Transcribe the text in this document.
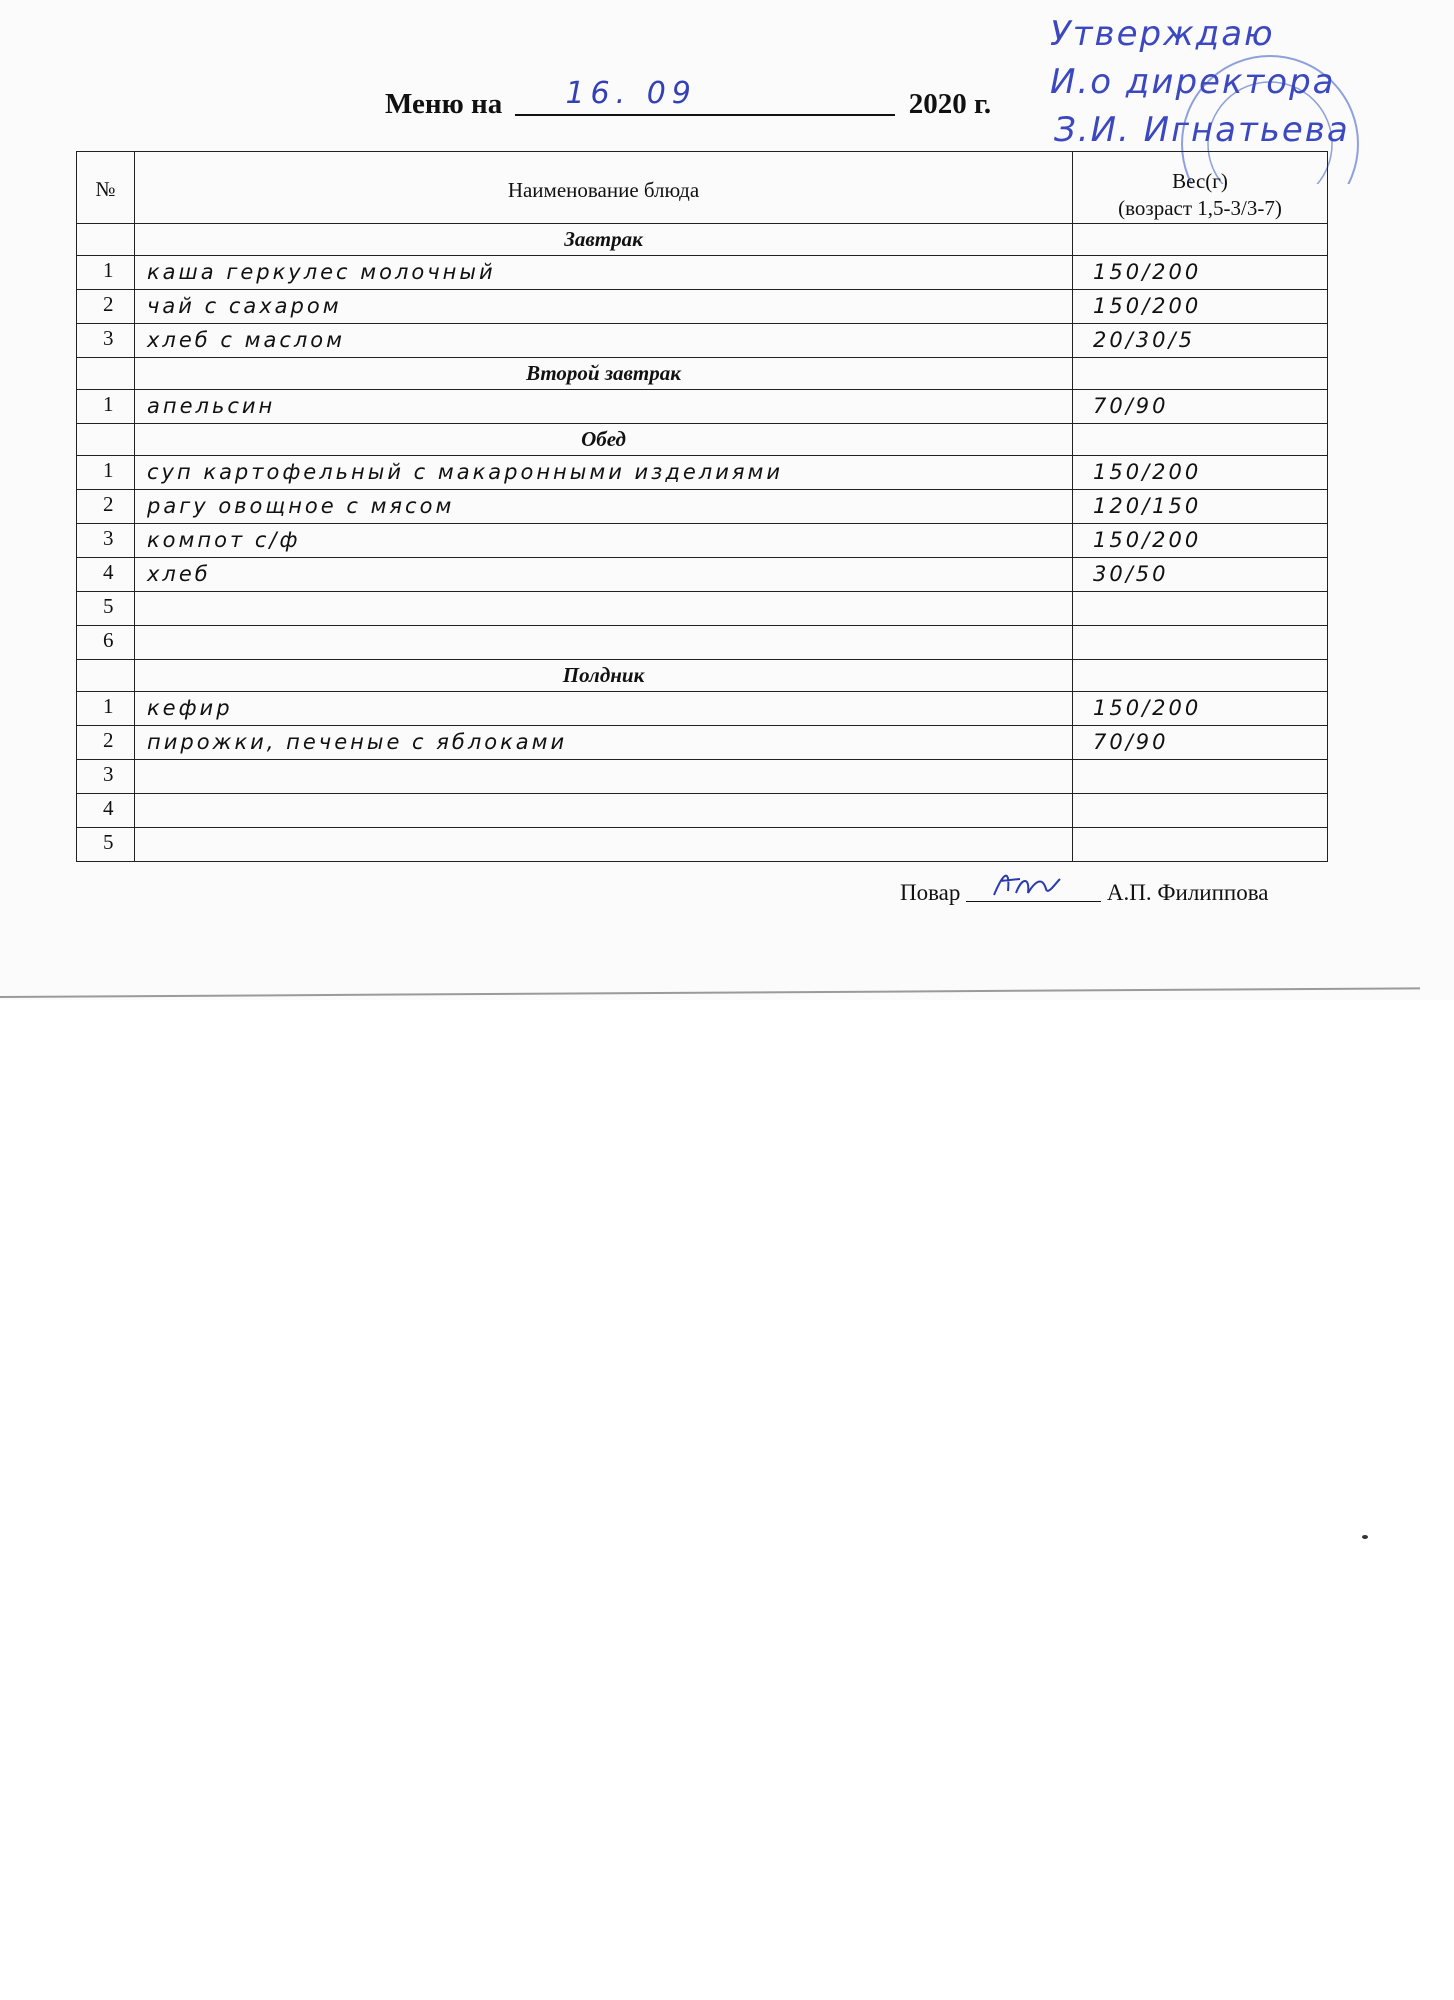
Меню на 16. 09	2020 г.
Утверждаю
И.о директора
З.И. Игнатьева
№	Наименование блюда	Вес(г)
(возраст 1,5-3/3-7)
	Завтрак	
1	каша геркулес молочный	150/200
2	чай с сахаром	150/200
3	хлеб с маслом	20/30/5
	Второй завтрак	
1	апельсин	70/90
	Обед	
1	суп картофельный с макаронными изделиями	150/200
2	рагу овощное с мясом	120/150
3	компот с/ф	150/200
4	хлеб	30/50
5		
6		
	Полдник	
1	кефир	150/200
2	пирожки, печеные с яблоками	70/90
3		
4		
5		
Повар	А.П. Филиппова
